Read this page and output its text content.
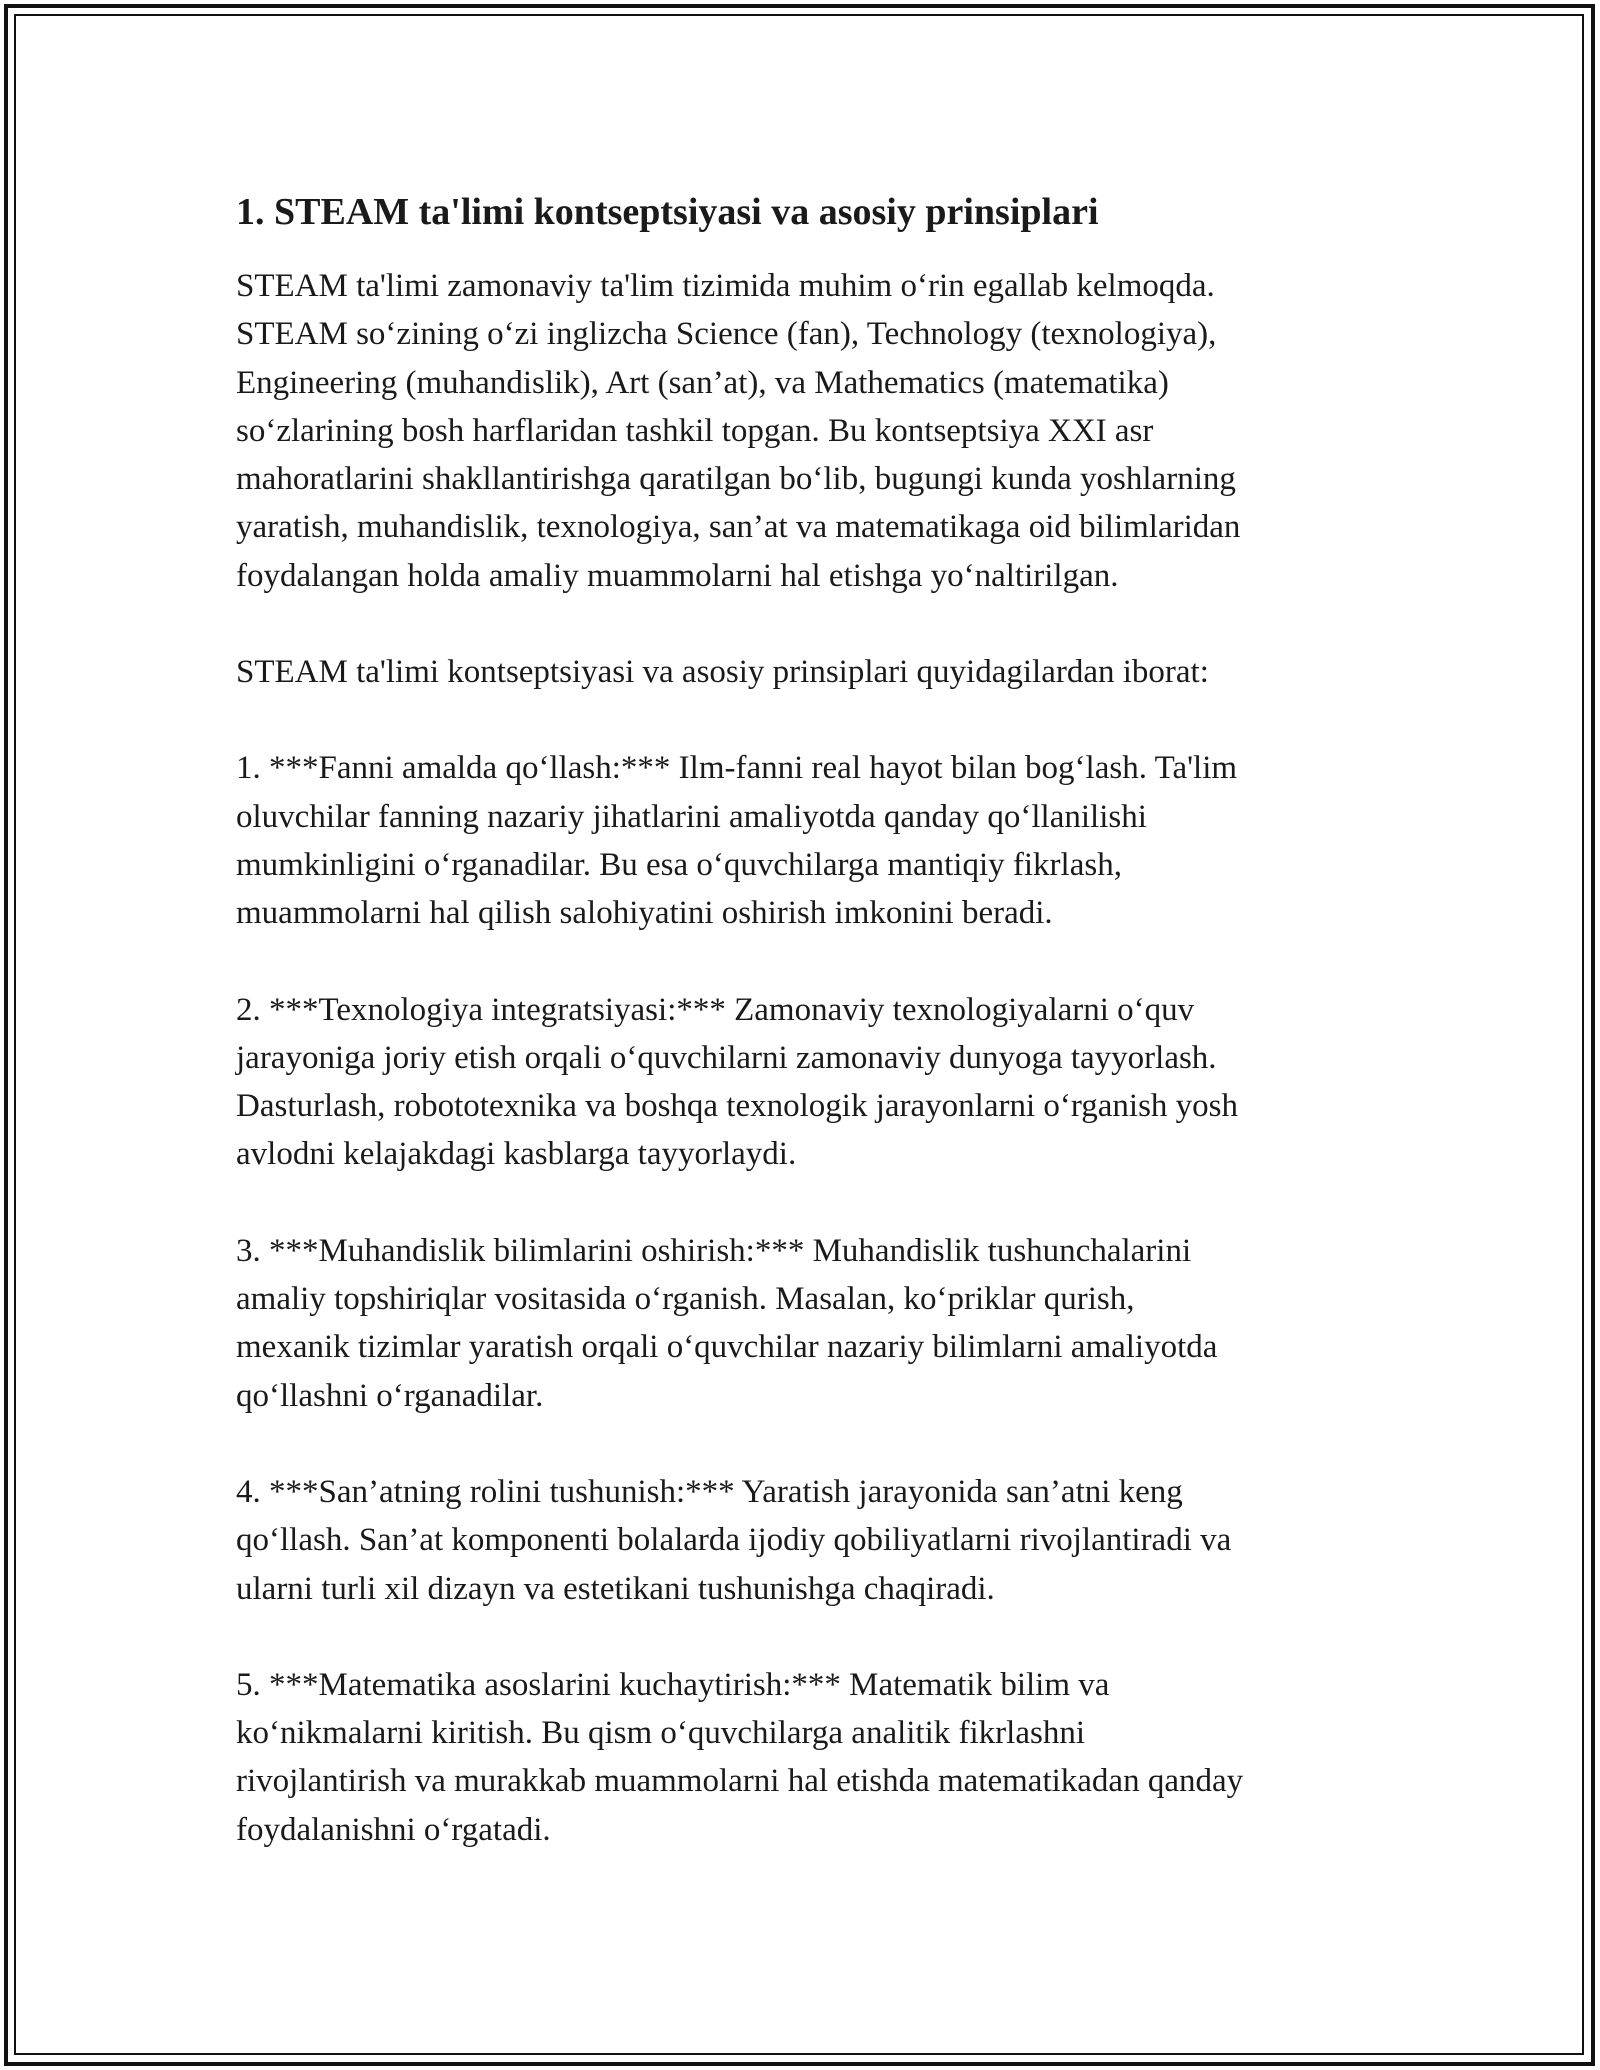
1. STEAM ta'limi kontseptsiyasi va asosiy prinsiplari

STEAM ta'limi zamonaviy ta'lim tizimida muhim o‘rin egallab kelmoqda.
STEAM so‘zining o‘zi inglizcha Science (fan), Technology (texnologiya),
Engineering (muhandislik), Art (san’at), va Mathematics (matematika)
so‘zlarining bosh harflaridan tashkil topgan. Bu kontseptsiya XXI asr
mahoratlarini shakllantirishga qaratilgan bo‘lib, bugungi kunda yoshlarning
yaratish, muhandislik, texnologiya, san’at va matematikaga oid bilimlaridan
foydalangan holda amaliy muammolarni hal etishga yo‘naltirilgan.

STEAM ta'limi kontseptsiyasi va asosiy prinsiplari quyidagilardan iborat:

1. ***Fanni amalda qo‘llash:*** Ilm-fanni real hayot bilan bog‘lash. Ta'lim
oluvchilar fanning nazariy jihatlarini amaliyotda qanday qo‘llanilishi
mumkinligini o‘rganadilar. Bu esa o‘quvchilarga mantiqiy fikrlash,
muammolarni hal qilish salohiyatini oshirish imkonini beradi.

2. ***Texnologiya integratsiyasi:*** Zamonaviy texnologiyalarni o‘quv
jarayoniga joriy etish orqali o‘quvchilarni zamonaviy dunyoga tayyorlash.
Dasturlash, robototexnika va boshqa texnologik jarayonlarni o‘rganish yosh
avlodni kelajakdagi kasblarga tayyorlaydi.

3. ***Muhandislik bilimlarini oshirish:*** Muhandislik tushunchalarini
amaliy topshiriqlar vositasida o‘rganish. Masalan, ko‘priklar qurish,
mexanik tizimlar yaratish orqali o‘quvchilar nazariy bilimlarni amaliyotda
qo‘llashni o‘rganadilar.

4. ***San’atning rolini tushunish:*** Yaratish jarayonida san’atni keng
qo‘llash. San’at komponenti bolalarda ijodiy qobiliyatlarni rivojlantiradi va
ularni turli xil dizayn va estetikani tushunishga chaqiradi.

5. ***Matematika asoslarini kuchaytirish:*** Matematik bilim va
ko‘nikmalarni kiritish. Bu qism o‘quvchilarga analitik fikrlashni
rivojlantirish va murakkab muammolarni hal etishda matematikadan qanday
foydalanishni o‘rgatadi.
